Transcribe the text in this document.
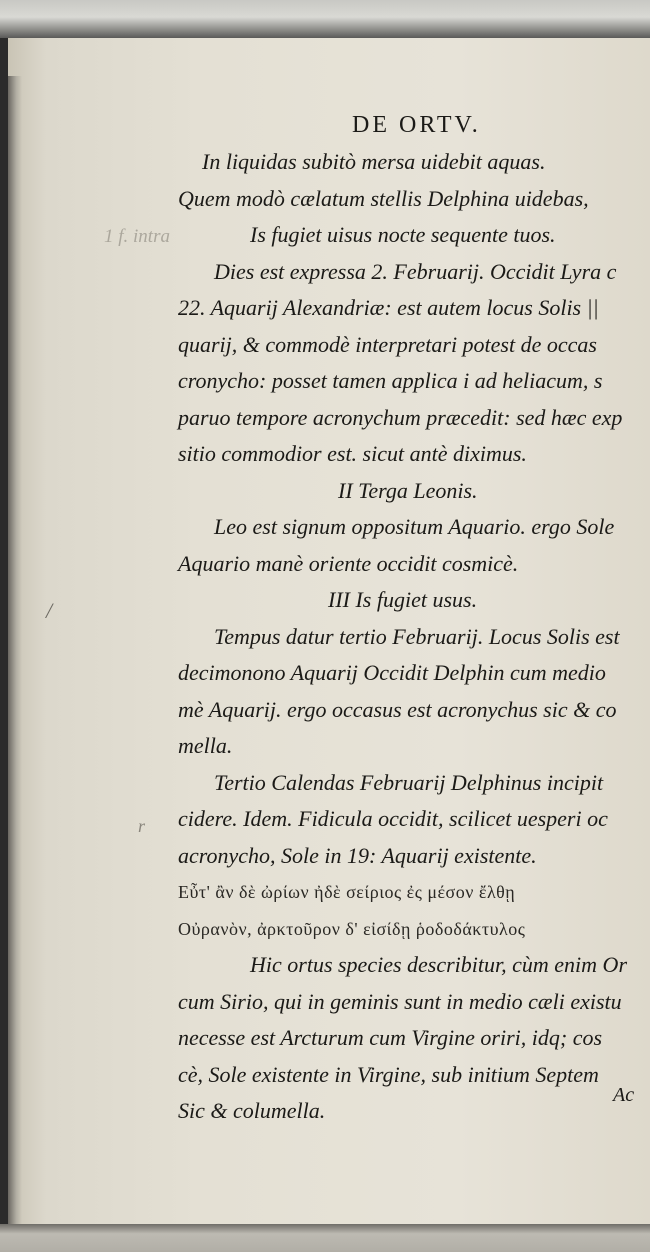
1 f. intra
/
r
DE ORTV.
In liquidas subitò mersa uidebit aquas.
Quem modò cælatum stellis Delphina uidebas,
Is fugiet uisus nocte sequente tuos.
Dies est expressa 2. Februarij. Occidit Lyra c
22. Aquarij Alexandriæ: est autem locus Solis ||
quarij, & commodè interpretari potest de occas
cronycho: posset tamen applica i ad heliacum, s
paruo tempore acronychum præcedit: sed hæc exp
sitio commodior est. sicut antè diximus.
II Terga Leonis.
Leo est signum oppositum Aquario. ergo Sole
Aquario manè oriente occidit cosmicè.
III Is fugiet usus.
Tempus datur tertio Februarij. Locus Solis est
decimonono Aquarij Occidit Delphin cum medio
mè Aquarij. ergo occasus est acronychus sic & co
mella.
Tertio Calendas Februarij Delphinus incipit
cidere. Idem. Fidicula occidit, scilicet uesperi oc
acronycho, Sole in 19: Aquarij existente.
Εὖτ' ἂν δὲ ὠρίων ἠδὲ σείριος ἐς μέσον ἔλθῃ
Οὐρανὸν, ἀρκτοῦρον δ' εἰσίδῃ ῥοδοδάκτυλος
Hic ortus species describitur, cùm enim Or
cum Sirio, qui in geminis sunt in medio cæli existu
necesse est Arcturum cum Virgine oriri, idq; cos
cè, Sole existente in Virgine, sub initium Septem
Sic & columella.
Ac
